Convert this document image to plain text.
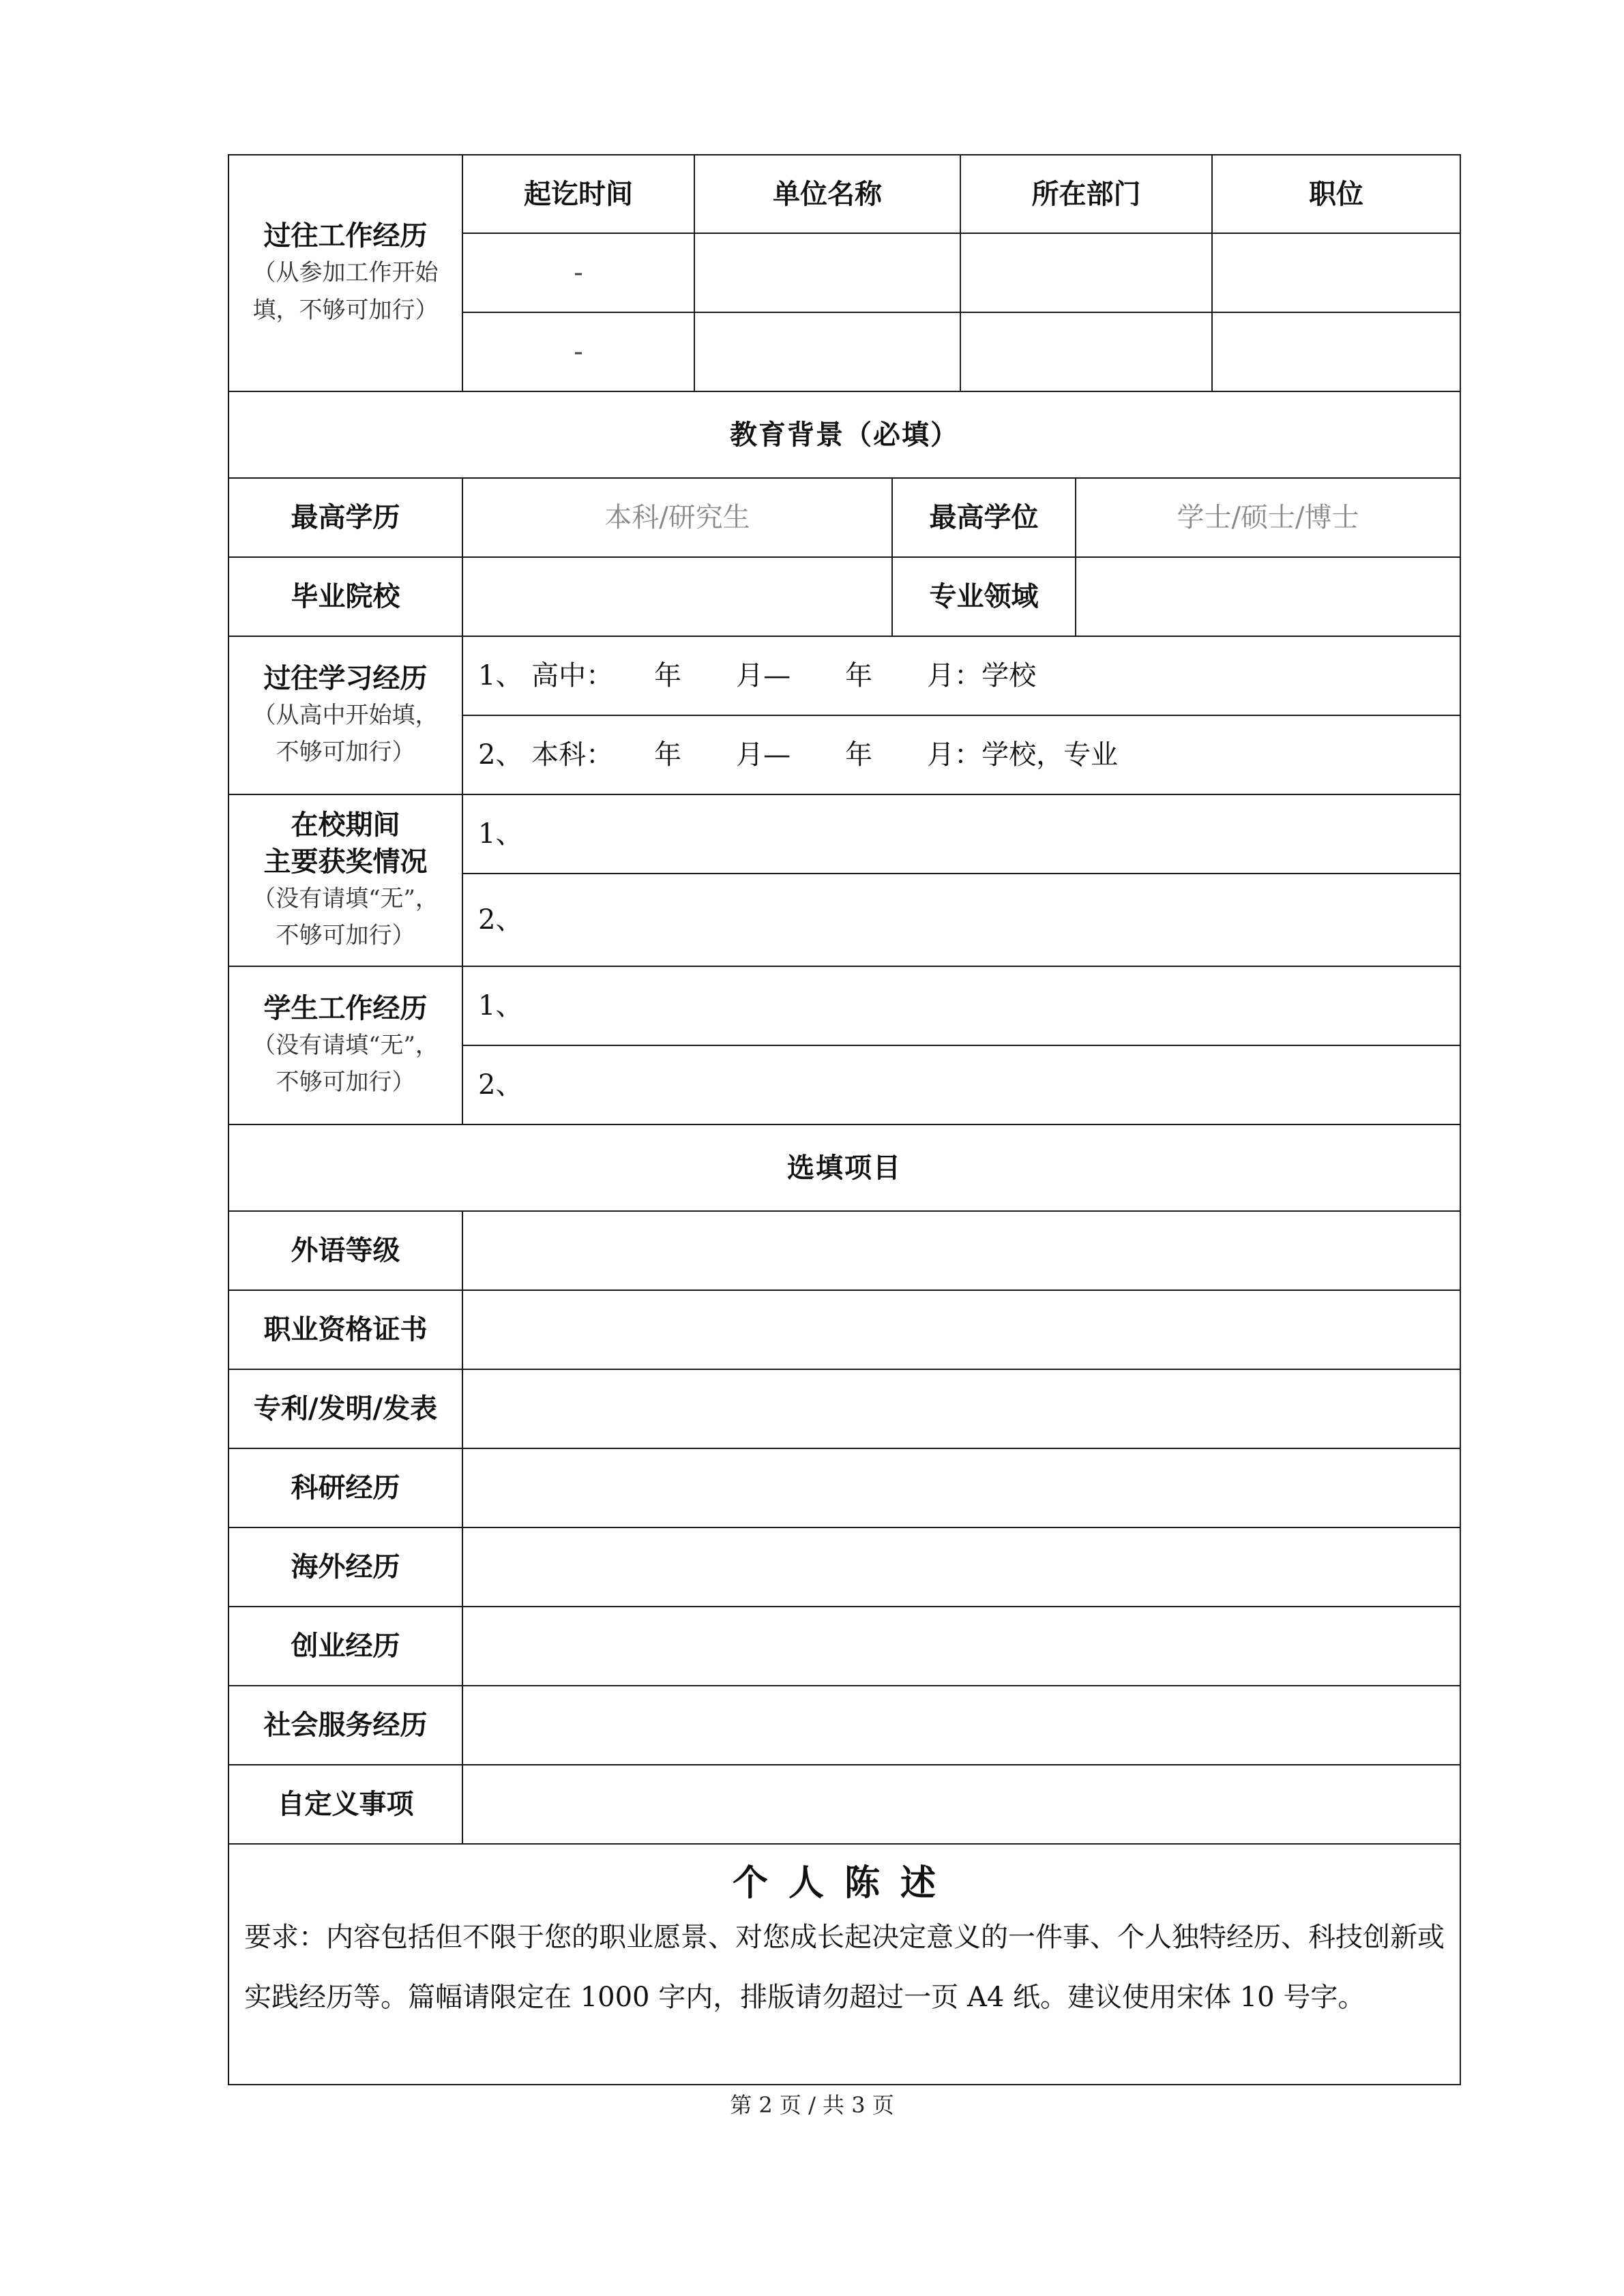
过往工作经历
（从参加工作开始填，不够可加行）	起讫时间	单位名称		所在部门		职位
	-					
	-					
教育背景（必填）						
最高学历	本科/研究生		最高学位		学士/硕士/博士	
毕业院校			专业领域			
过往学习经历
（从高中开始填，不够可加行）	1、 高中：　　年　　月—　　年　　月：学校					
	2、 本科：　　年　　月—　　年　　月：学校，专业					

在校期间
主要获奖情况
（没有请填“无”，不够可加行）	1、					
	2、					
学生工作经历
（没有请填“无”，不够可加行）	1、					
	2、					
选填项目						
外语等级						
职业资格证书						
专利/发明/发表						
科研经历						
海外经历						
创业经历						
社会服务经历						
自定义事项						

个人陈述
要求：内容包括但不限于您的职业愿景、对您成长起决定意义的一件事、个人独特经历、科技创新或实践经历等。篇幅请限定在 1000 字内，排版请勿超过一页 A4 纸。建议使用宋体 10 号字。						
第 2 页 / 共 3 页
